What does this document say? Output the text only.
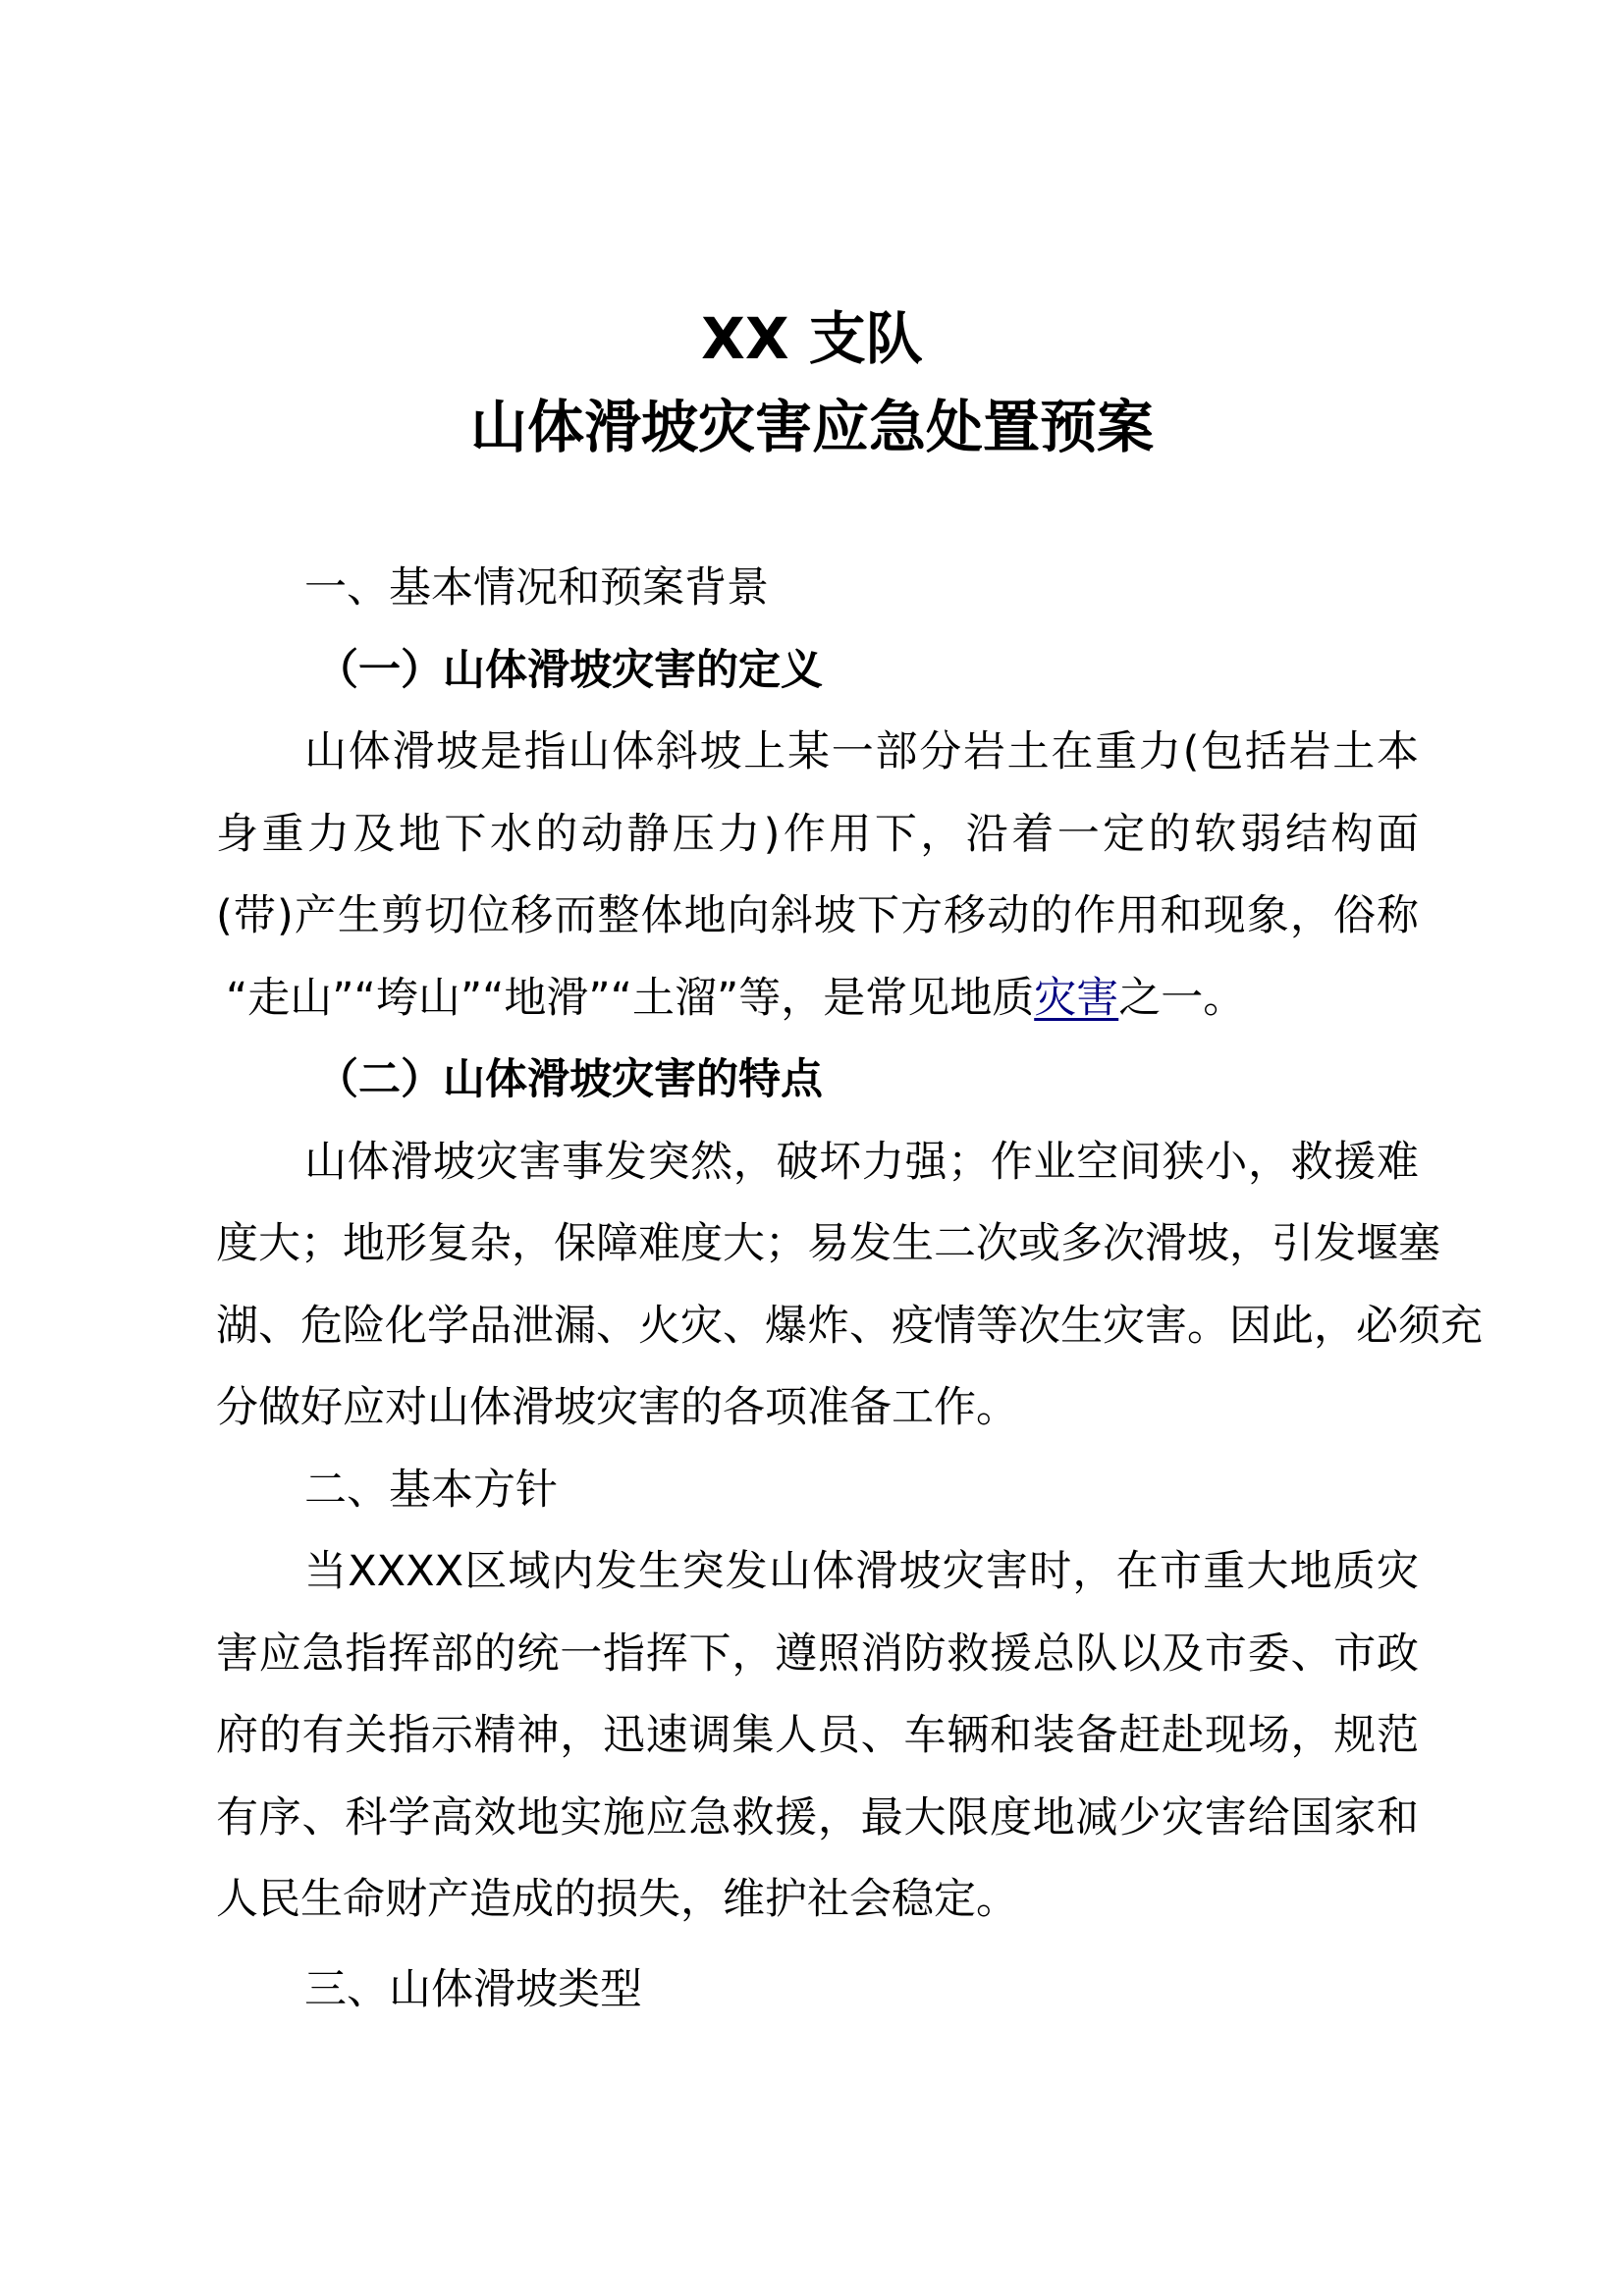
XX 支队
山体滑坡灾害应急处置预案
一、基本情况和预案背景
（一）山体滑坡灾害的定义
山体滑坡是指山体斜坡上某一部分岩土在重力(包括岩土本
身重力及地下水的动静压力)作用下，沿着一定的软弱结构面
(带)产生剪切位移而整体地向斜坡下方移动的作用和现象，俗称
“走山”“垮山”“地滑”“土溜”等，是常见地质灾害之一。
（二）山体滑坡灾害的特点
山体滑坡灾害事发突然，破坏力强；作业空间狭小，救援难
度大；地形复杂，保障难度大；易发生二次或多次滑坡，引发堰塞
湖、危险化学品泄漏、火灾、爆炸、疫情等次生灾害。因此，必须充
分做好应对山体滑坡灾害的各项准备工作。
二、基本方针
当XXXX区域内发生突发山体滑坡灾害时，在市重大地质灾
害应急指挥部的统一指挥下，遵照消防救援总队以及市委、市政
府的有关指示精神，迅速调集人员、车辆和装备赶赴现场，规范
有序、科学高效地实施应急救援，最大限度地减少灾害给国家和
人民生命财产造成的损失，维护社会稳定。
三、山体滑坡类型
